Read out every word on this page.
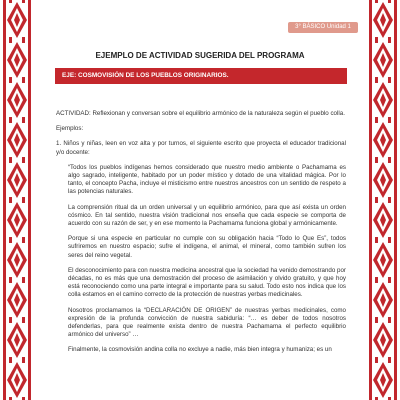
3° BÁSICO Unidad 1
EJEMPLO DE ACTIVIDAD SUGERIDA DEL PROGRAMA
EJE: COSMOVISIÓN DE LOS PUEBLOS ORIGINARIOS.

ACTIVIDAD: Reflexionan y conversan sobre el equilibrio armónico de la naturaleza según el pueblo colla.

Ejemplos:

1. Niños y niñas, leen en voz alta y por turnos, el siguiente escrito que proyecta el educador tradicional y/o docente:

“Todos los pueblos indígenas hemos considerado que nuestro medio ambiente o Pachamama es algo sagrado, inteligente, habitado por un poder místico y dotado de una vitalidad mágica. Por lo tanto, el concepto Pacha, incluye el misticismo entre nuestros ancestros con un sentido de respeto a las potencias naturales.

La comprensión ritual da un orden universal y un equilibrio armónico, para que así exista un orden cósmico. En tal sentido, nuestra visión tradicional nos enseña que cada especie se comporta de acuerdo con su razón de ser, y en ese momento la Pachamama funciona global y armónicamente.

Porque si una especie en particular no cumple con su obligación hacia “Todo lo Que Es”, todos sufriremos en nuestro espacio; sufre el indígena, el animal, el mineral, como también sufren los seres del reino vegetal.

El desconocimiento para con nuestra medicina ancestral que la sociedad ha venido demostrando por décadas, no es más que una demostración del proceso de asimilación y olvido gratuito, y que hoy está reconociendo como una parte integral e importante para su salud. Todo esto nos indica que los colla estamos en el camino correcto de la protección de nuestras yerbas medicinales.

Nosotros proclamamos la “DECLARACIÓN DE ORIGEN” de nuestras yerbas medicinales, como expresión de la profunda convicción de nuestra sabiduría: “… es deber de todos nosotros defenderlas, para que realmente exista dentro de nuestra Pachamama el perfecto equilibrio armónico del universo” …

Finalmente, la cosmovisión andina colla no excluye a nadie, más bien integra y humaniza; es un
